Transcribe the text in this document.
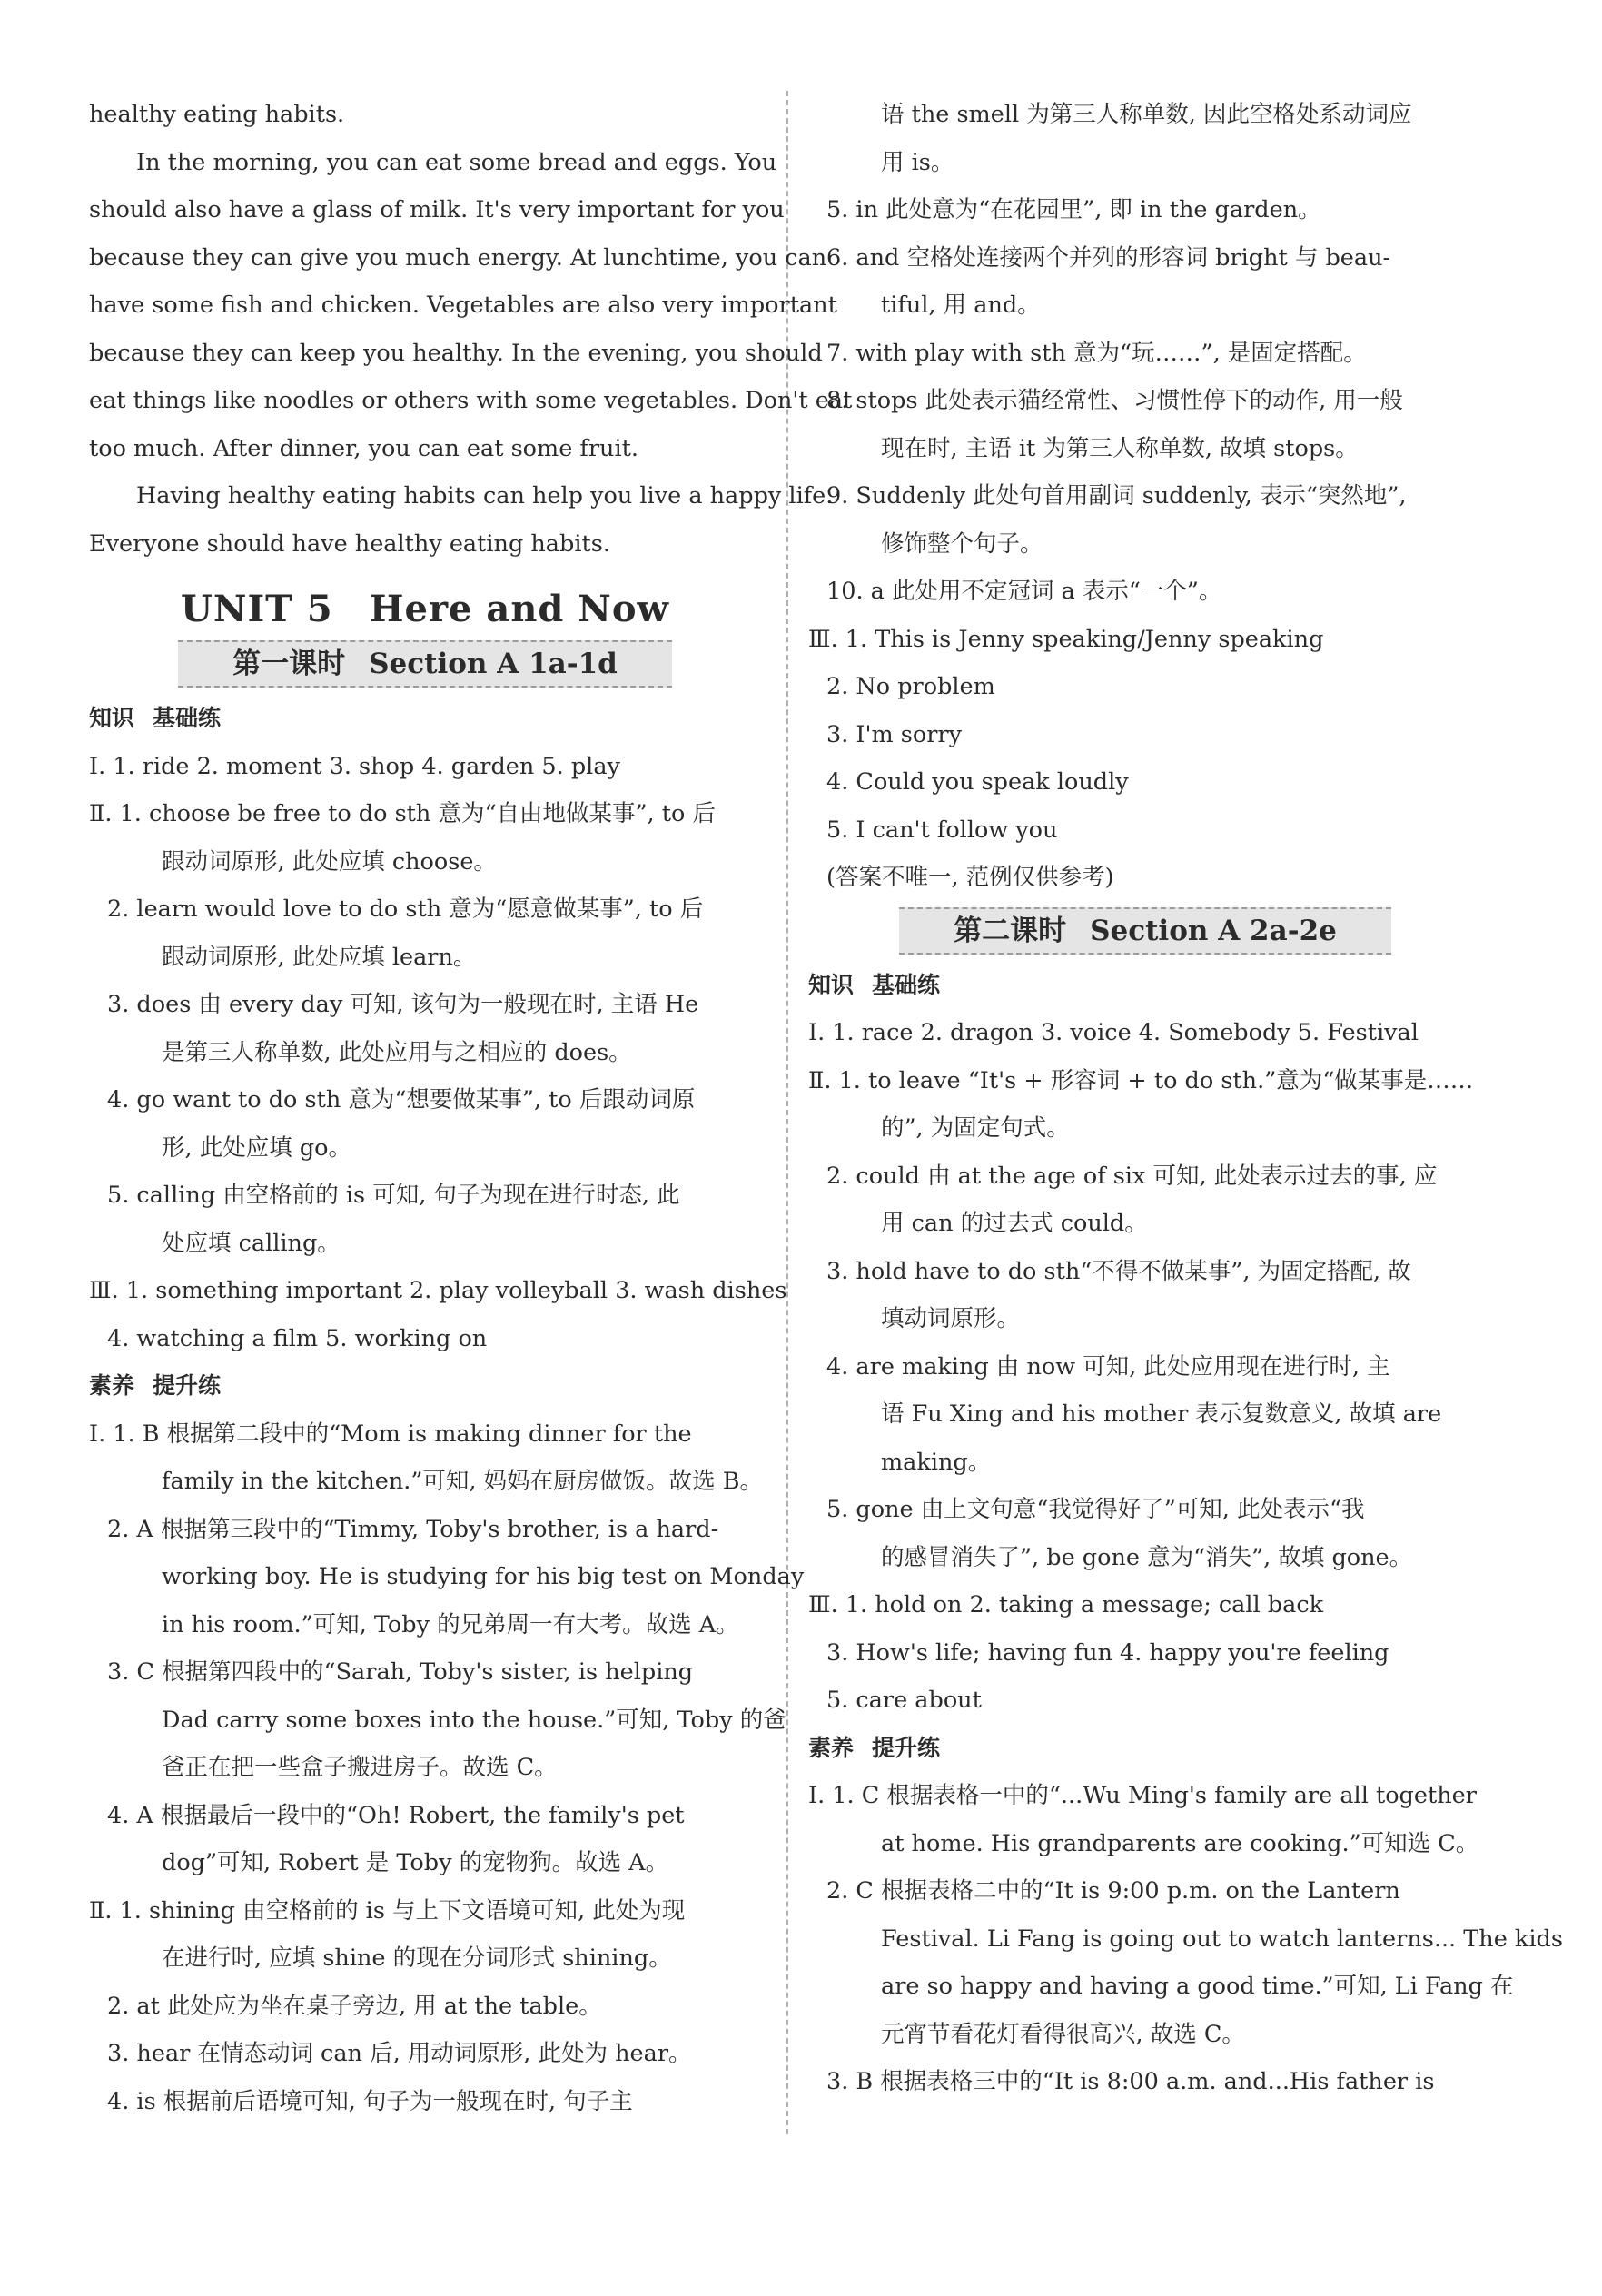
healthy eating habits.
In the morning, you can eat some bread and eggs. You
should also have a glass of milk. It's very important for you
because they can give you much energy. At lunchtime, you can
have some fish and chicken. Vegetables are also very important
because they can keep you healthy. In the evening, you should
eat things like noodles or others with some vegetables. Don't eat
too much. After dinner, you can eat some fruit.
Having healthy eating habits can help you live a happy life.
Everyone should have healthy eating habits.
UNIT 5 Here and Now
第一课时 Section A 1a-1d
知识 基础练
Ⅰ. 1. ride 2. moment 3. shop 4. garden 5. play
Ⅱ. 1. choose be free to do sth 意为“自由地做某事”, to 后
跟动词原形, 此处应填 choose。
2. learn would love to do sth 意为“愿意做某事”, to 后
跟动词原形, 此处应填 learn。
3. does 由 every day 可知, 该句为一般现在时, 主语 He
是第三人称单数, 此处应用与之相应的 does。
4. go want to do sth 意为“想要做某事”, to 后跟动词原
形, 此处应填 go。
5. calling 由空格前的 is 可知, 句子为现在进行时态, 此
处应填 calling。
Ⅲ. 1. something important 2. play volleyball 3. wash dishes
4. watching a film 5. working on
素养 提升练
Ⅰ. 1. B 根据第二段中的“Mom is making dinner for the
family in the kitchen.”可知, 妈妈在厨房做饭。故选 B。
2. A 根据第三段中的“Timmy, Toby's brother, is a hard-
working boy. He is studying for his big test on Monday
in his room.”可知, Toby 的兄弟周一有大考。故选 A。
3. C 根据第四段中的“Sarah, Toby's sister, is helping
Dad carry some boxes into the house.”可知, Toby 的爸
爸正在把一些盒子搬进房子。故选 C。
4. A 根据最后一段中的“Oh! Robert, the family's pet
dog”可知, Robert 是 Toby 的宠物狗。故选 A。
Ⅱ. 1. shining 由空格前的 is 与上下文语境可知, 此处为现
在进行时, 应填 shine 的现在分词形式 shining。
2. at 此处应为坐在桌子旁边, 用 at the table。
3. hear 在情态动词 can 后, 用动词原形, 此处为 hear。
4. is 根据前后语境可知, 句子为一般现在时, 句子主
语 the smell 为第三人称单数, 因此空格处系动词应
用 is。
5. in 此处意为“在花园里”, 即 in the garden。
6. and 空格处连接两个并列的形容词 bright 与 beau-
tiful, 用 and。
7. with play with sth 意为“玩……”, 是固定搭配。
8. stops 此处表示猫经常性、习惯性停下的动作, 用一般
现在时, 主语 it 为第三人称单数, 故填 stops。
9. Suddenly 此处句首用副词 suddenly, 表示“突然地”,
修饰整个句子。
10. a 此处用不定冠词 a 表示“一个”。
Ⅲ. 1. This is Jenny speaking/Jenny speaking
2. No problem
3. I'm sorry
4. Could you speak loudly
5. I can't follow you
(答案不唯一, 范例仅供参考)
第二课时 Section A 2a-2e
知识 基础练
Ⅰ. 1. race 2. dragon 3. voice 4. Somebody 5. Festival
Ⅱ. 1. to leave “It's + 形容词 + to do sth.”意为“做某事是……
的”, 为固定句式。
2. could 由 at the age of six 可知, 此处表示过去的事, 应
用 can 的过去式 could。
3. hold have to do sth“不得不做某事”, 为固定搭配, 故
填动词原形。
4. are making 由 now 可知, 此处应用现在进行时, 主
语 Fu Xing and his mother 表示复数意义, 故填 are
making。
5. gone 由上文句意“我觉得好了”可知, 此处表示“我
的感冒消失了”, be gone 意为“消失”, 故填 gone。
Ⅲ. 1. hold on 2. taking a message; call back
3. How's life; having fun 4. happy you're feeling
5. care about
素养 提升练
Ⅰ. 1. C 根据表格一中的“...Wu Ming's family are all together
at home. His grandparents are cooking.”可知选 C。
2. C 根据表格二中的“It is 9:00 p.m. on the Lantern
Festival. Li Fang is going out to watch lanterns... The kids
are so happy and having a good time.”可知, Li Fang 在
元宵节看花灯看得很高兴, 故选 C。
3. B 根据表格三中的“It is 8:00 a.m. and...His father is
